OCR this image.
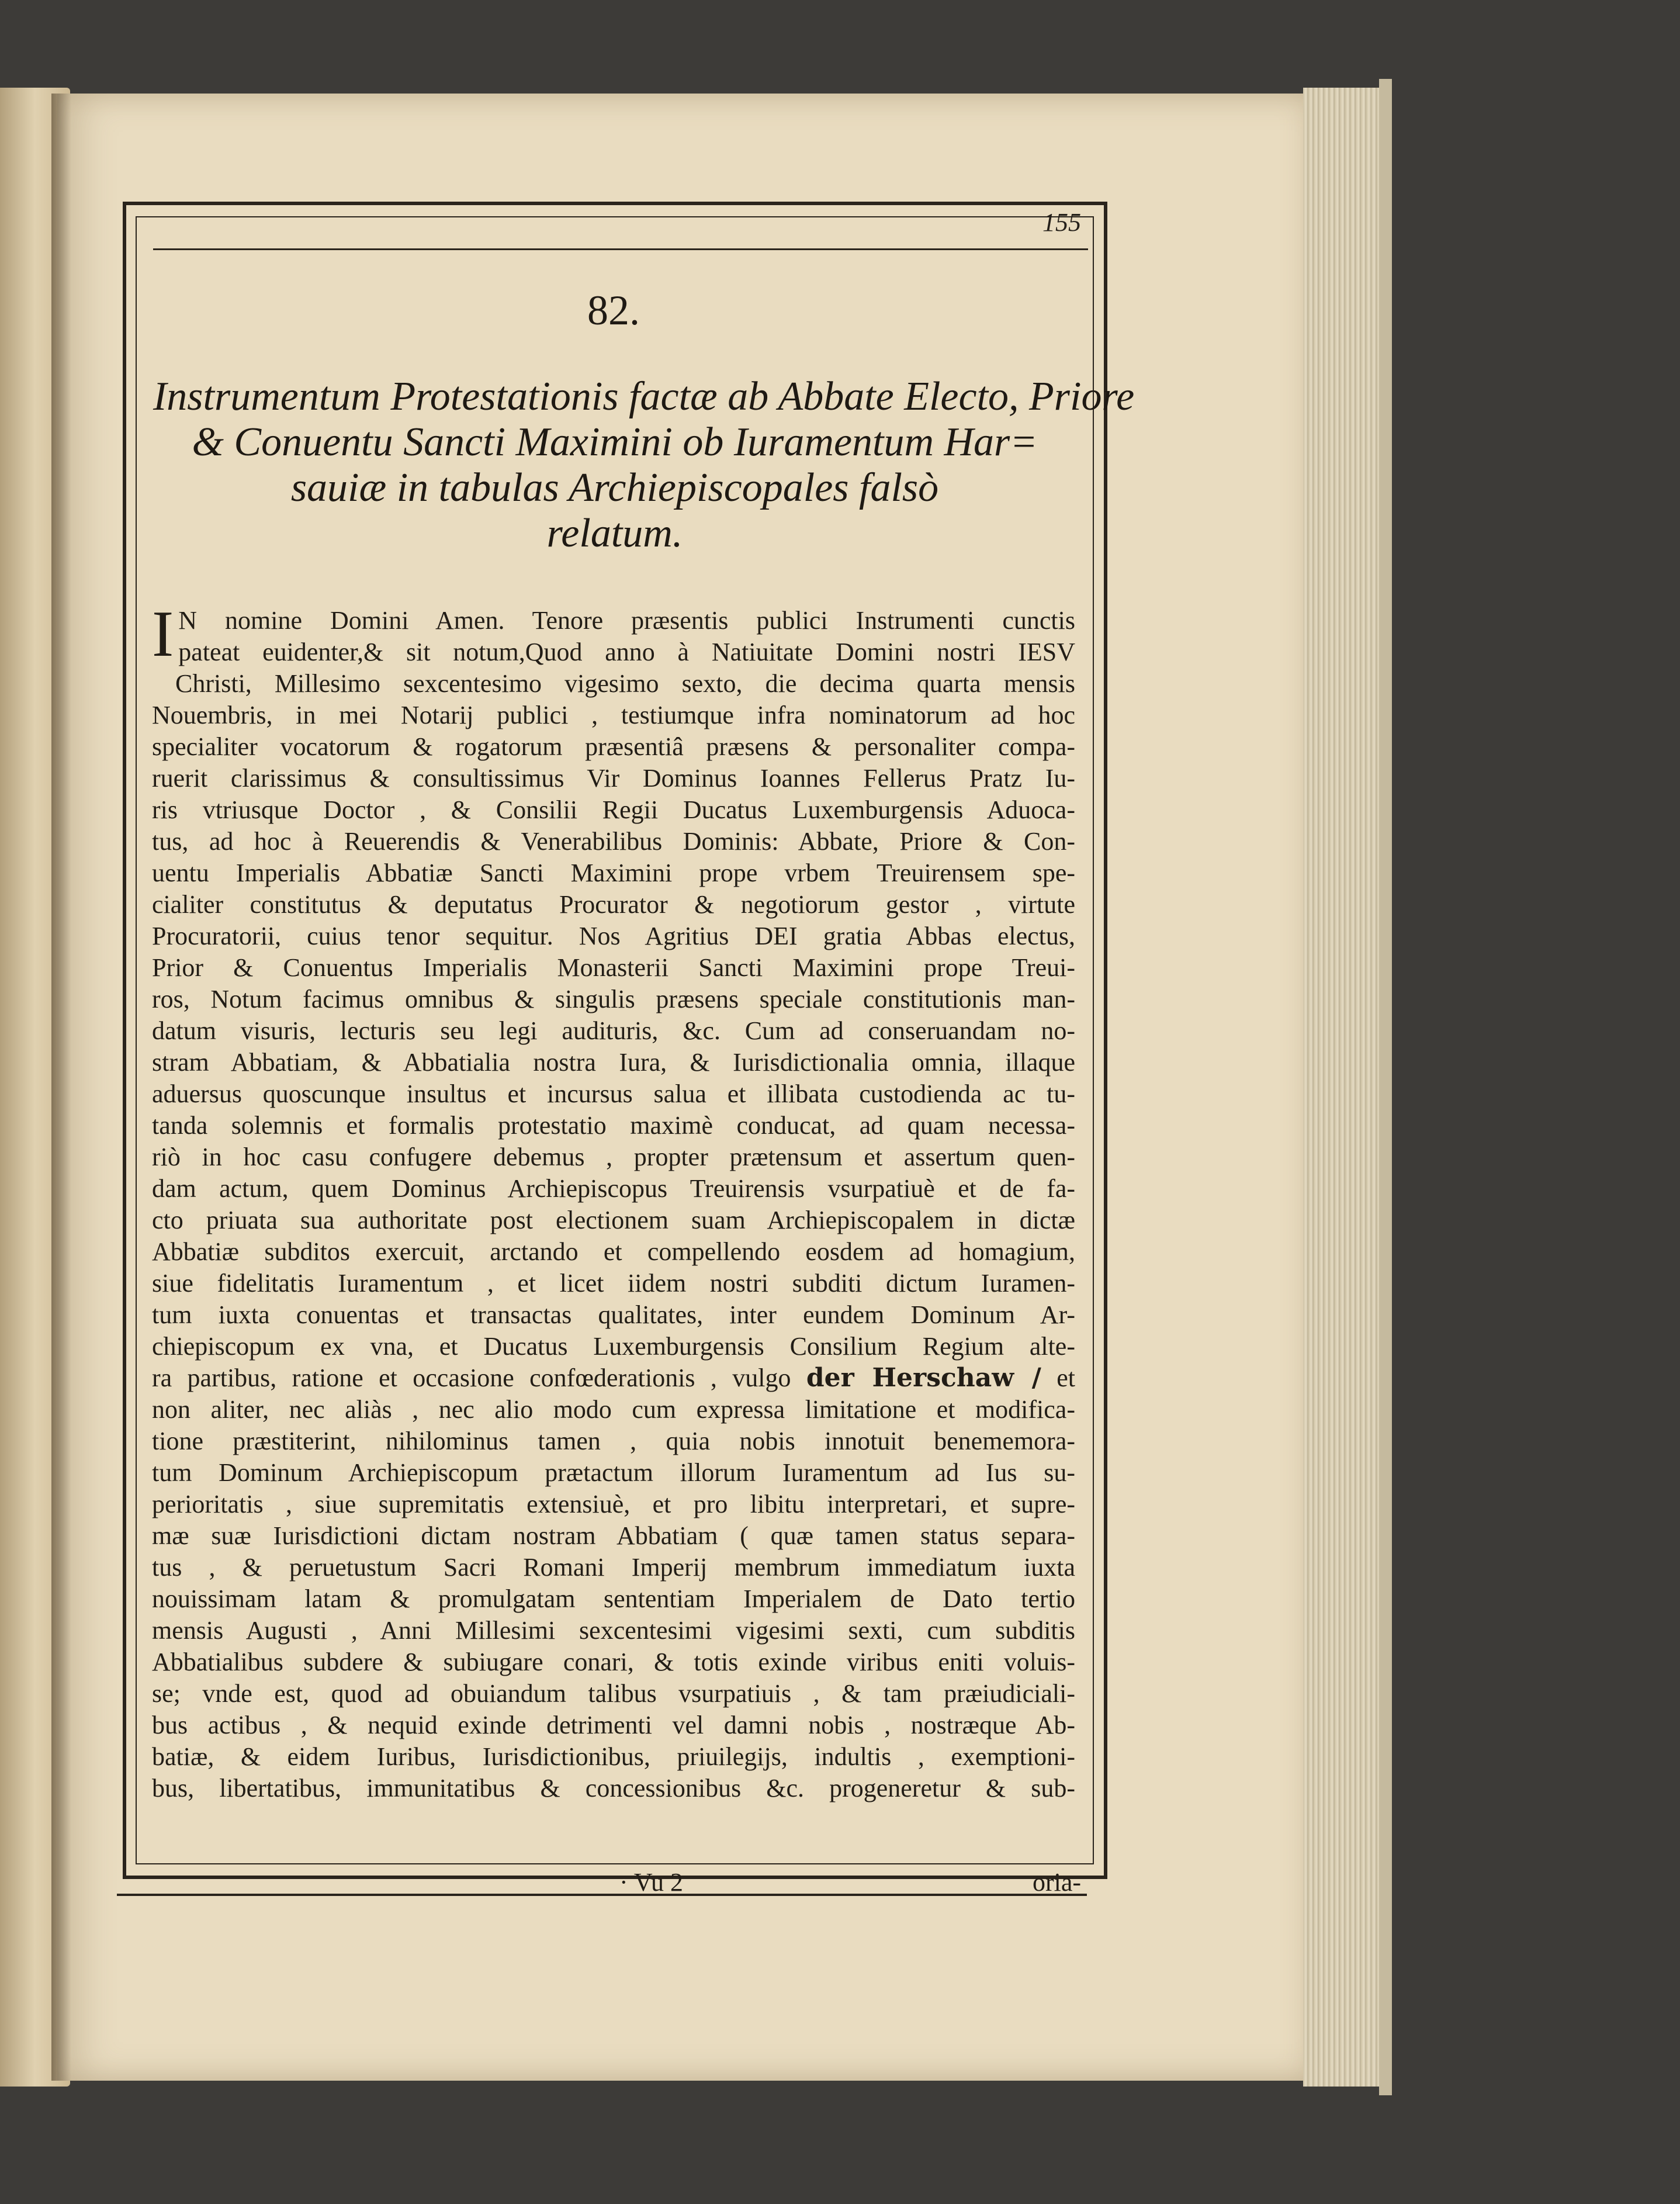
155
82.
Instrumentum Protestationis factæ ab Abbate Electo, Priore
& Conuentu Sancti Maximini ob Iuramentum Har=
sauiæ in tabulas Archiepiscopales falsò
relatum.
I N nomine Domini Amen. Tenore præsentis publici Instrumenti cunctis
pateat euidenter,& sit notum,Quod anno à Natiuitate Domini nostri IESV
Christi, Millesimo sexcentesimo vigesimo sexto, die decima quarta mensis
Nouembris, in mei Notarij publici , testiumque infra nominatorum ad hoc
specialiter vocatorum & rogatorum præsentiâ præsens & personaliter compa-
ruerit clarissimus & consultissimus Vir Dominus Ioannes Fellerus Pratz Iu-
ris vtriusque Doctor , & Consilii Regii Ducatus Luxemburgensis Aduoca-
tus, ad hoc à Reuerendis & Venerabilibus Dominis: Abbate, Priore & Con-
uentu Imperialis Abbatiæ Sancti Maximini prope vrbem Treuirensem spe-
cialiter constitutus & deputatus Procurator & negotiorum gestor , virtute
Procuratorii, cuius tenor sequitur. Nos Agritius DEI gratia Abbas electus,
Prior & Conuentus Imperialis Monasterii Sancti Maximini prope Treui-
ros, Notum facimus omnibus & singulis præsens speciale constitutionis man-
datum visuris, lecturis seu legi audituris, &c. Cum ad conseruandam no-
stram Abbatiam, & Abbatialia nostra Iura, & Iurisdictionalia omnia, illaque
aduersus quoscunque insultus et incursus salua et illibata custodienda ac tu-
tanda solemnis et formalis protestatio maximè conducat, ad quam necessa-
riò in hoc casu confugere debemus , propter prætensum et assertum quen-
dam actum, quem Dominus Archiepiscopus Treuirensis vsurpatiuè et de fa-
cto priuata sua authoritate post electionem suam Archiepiscopalem in dictæ
Abbatiæ subditos exercuit, arctando et compellendo eosdem ad homagium,
siue fidelitatis Iuramentum , et licet iidem nostri subditi dictum Iuramen-
tum iuxta conuentas et transactas qualitates, inter eundem Dominum Ar-
chiepiscopum ex vna, et Ducatus Luxemburgensis Consilium Regium alte-
ra partibus, ratione et occasione confœderationis , vulgo der Herschaw / et
non aliter, nec aliàs , nec alio modo cum expressa limitatione et modifica-
tione præstiterint, nihilominus tamen , quia nobis innotuit benememora-
tum Dominum Archiepiscopum prætactum illorum Iuramentum ad Ius su-
perioritatis , siue supremitatis extensiuè, et pro libitu interpretari, et supre-
mæ suæ Iurisdictioni dictam nostram Abbatiam ( quæ tamen status separa-
tus , & peruetustum Sacri Romani Imperij membrum immediatum iuxta
nouissimam latam & promulgatam sententiam Imperialem de Dato tertio
mensis Augusti , Anni Millesimi sexcentesimi vigesimi sexti, cum subditis
Abbatialibus subdere & subiugare conari, & totis exinde viribus eniti voluis-
se; vnde est, quod ad obuiandum talibus vsurpatiuis , & tam præiudiciali-
bus actibus , & nequid exinde detrimenti vel damni nobis , nostræque Ab-
batiæ, & eidem Iuribus, Iurisdictionibus, priuilegijs, indultis , exemptioni-
bus, libertatibus, immunitatibus & concessionibus &c. progeneretur & sub-
· Vu 2	oria-
